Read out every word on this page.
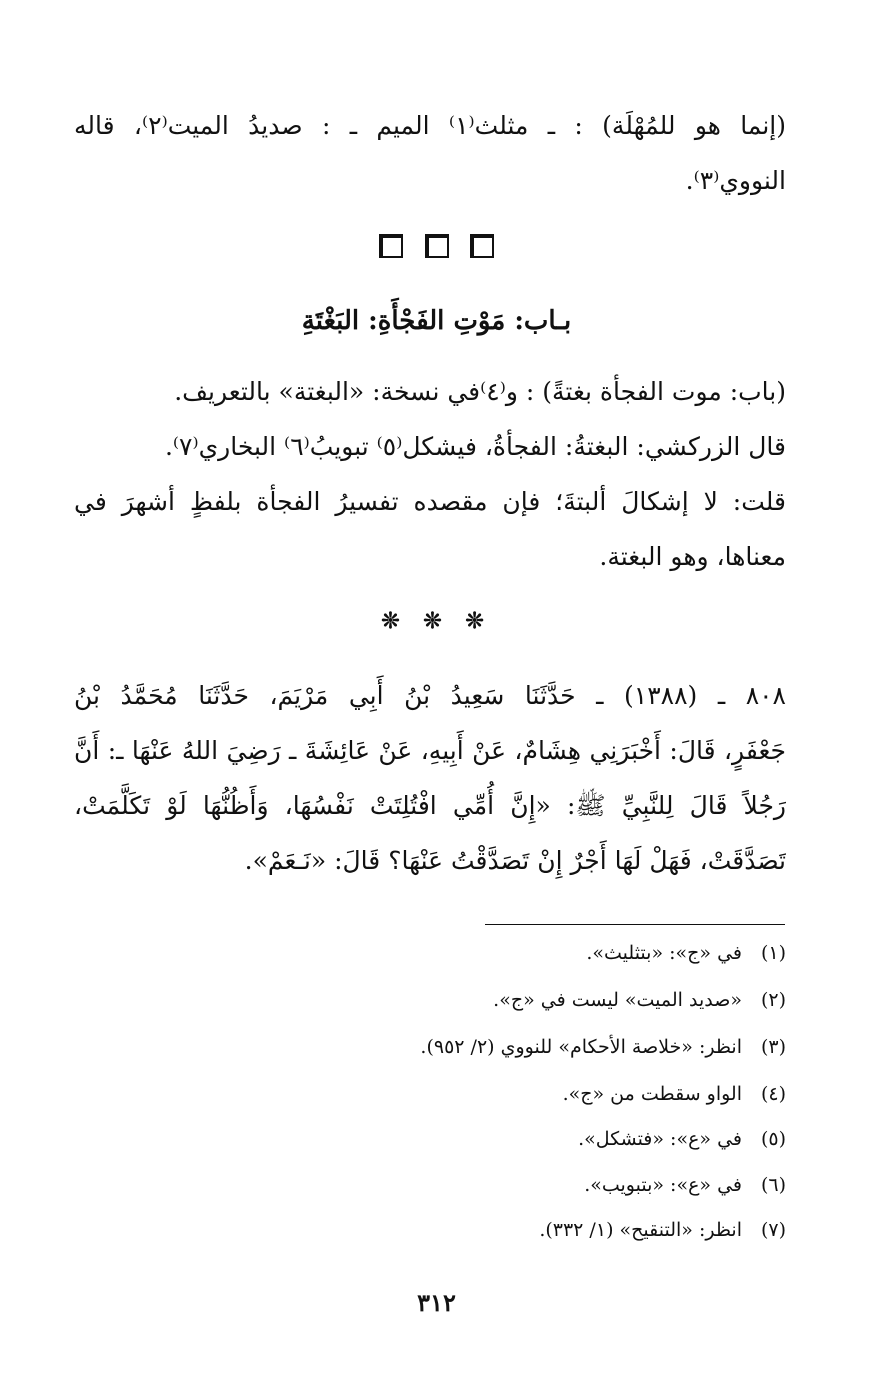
(إنما هو للمُهْلَة) : ـ مثلث⁽١⁾ الميم ـ : صديدُ الميت⁽٢⁾، قاله
النووي⁽٣⁾.

بـاب: مَوْتِ الفَجْأَةِ: البَغْتَةِ
(باب: موت الفجأة بغتةً) : و⁽٤⁾في نسخة: «البغتة» بالتعريف.
قال الزركشي: البغتةُ: الفجأةُ، فيشكل⁽٥⁾ تبويبُ⁽٦⁾ البخاري⁽٧⁾.
قلت: لا إشكالَ ألبتةَ؛ فإن مقصده تفسيرُ الفجأة بلفظٍ أشهرَ في
معناها، وهو البغتة.
❊ ❊ ❊
٨٠٨ ـ (١٣٨٨) ـ حَدَّثَنَا سَعِيدُ بْنُ أَبِي مَرْيَمَ، حَدَّثَنَا مُحَمَّدُ بْنُ
جَعْفَرٍ، قَالَ: أَخْبَرَنِي هِشَامٌ، عَنْ أَبِيهِ، عَنْ عَائِشَةَ ـ رَضِيَ اللهُ عَنْهَا ـ: أَنَّ
رَجُلاً قَالَ لِلنَّبِيِّ ﷺ: «إِنَّ أُمِّي افْتُلِتَتْ نَفْسُهَا، وَأَظُنُّهَا لَوْ تَكَلَّمَتْ،
تَصَدَّقَتْ، فَهَلْ لَهَا أَجْرٌ إِنْ تَصَدَّقْتُ عَنْهَا؟ قَالَ: «نَـعَمْ».
(١)في «ج»: «بتثليث».
(٢)«صديد الميت» ليست في «ج».
(٣)انظر: «خلاصة الأحكام» للنووي (٢/ ٩٥٢).
(٤)الواو سقطت من «ج».
(٥)في «ع»: «فتشكل».
(٦)في «ع»: «بتبويب».
(٧)انظر: «التنقيح» (١/ ٣٣٢).
٣١٢
